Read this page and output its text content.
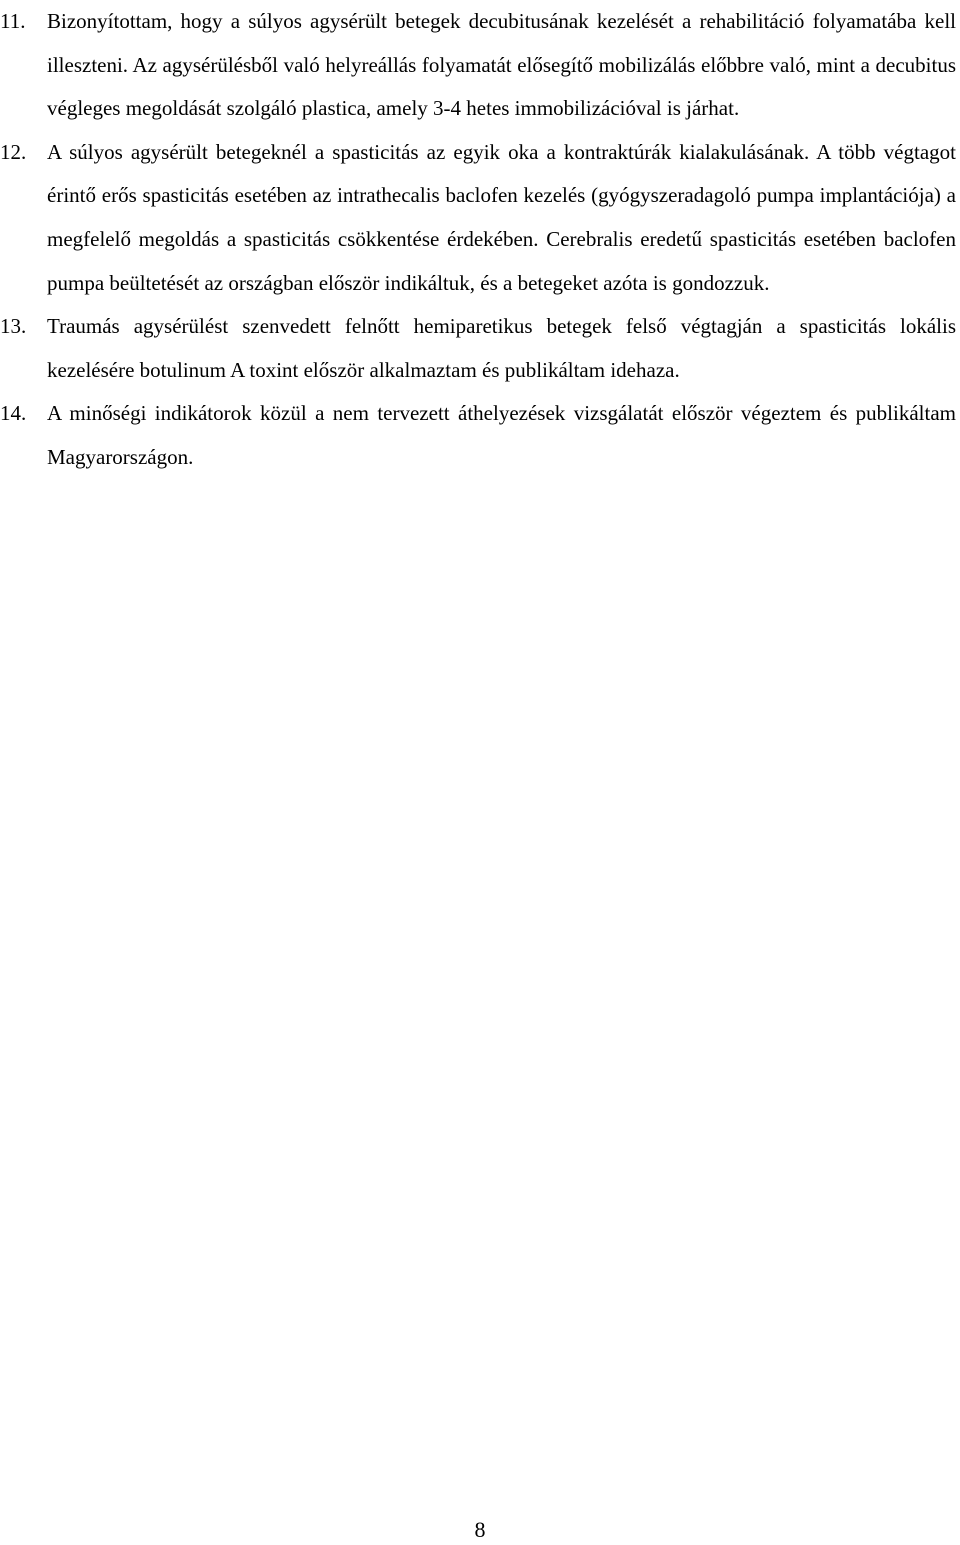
11. Bizonyítottam, hogy a súlyos agysérült betegek decubitusának kezelését a rehabilitáció folyamatába kell illeszteni. Az agysérülésből való helyreállás folyamatát elősegítő mobilizálás előbbre való, mint a decubitus végleges megoldását szolgáló plastica, amely 3-4 hetes immobilizációval is járhat.
12. A súlyos agysérült betegeknél a spasticitás az egyik oka a kontraktúrák kialakulásának. A több végtagot érintő erős spasticitás esetében az intrathecalis baclofen kezelés (gyógyszeradagoló pumpa implantációja) a megfelelő megoldás a spasticitás csökkentése érdekében. Cerebralis eredetű spasticitás esetében baclofen pumpa beültetését az országban először indikáltuk, és a betegeket azóta is gondozzuk.
13. Traumás agysérülést szenvedett felnőtt hemiparetikus betegek felső végtagján a spasticitás lokális kezelésére botulinum A toxint először alkalmaztam és publikáltam idehaza.
14. A minőségi indikátorok közül a nem tervezett áthelyezések vizsgálatát először végeztem és publikáltam Magyarországon.
8
